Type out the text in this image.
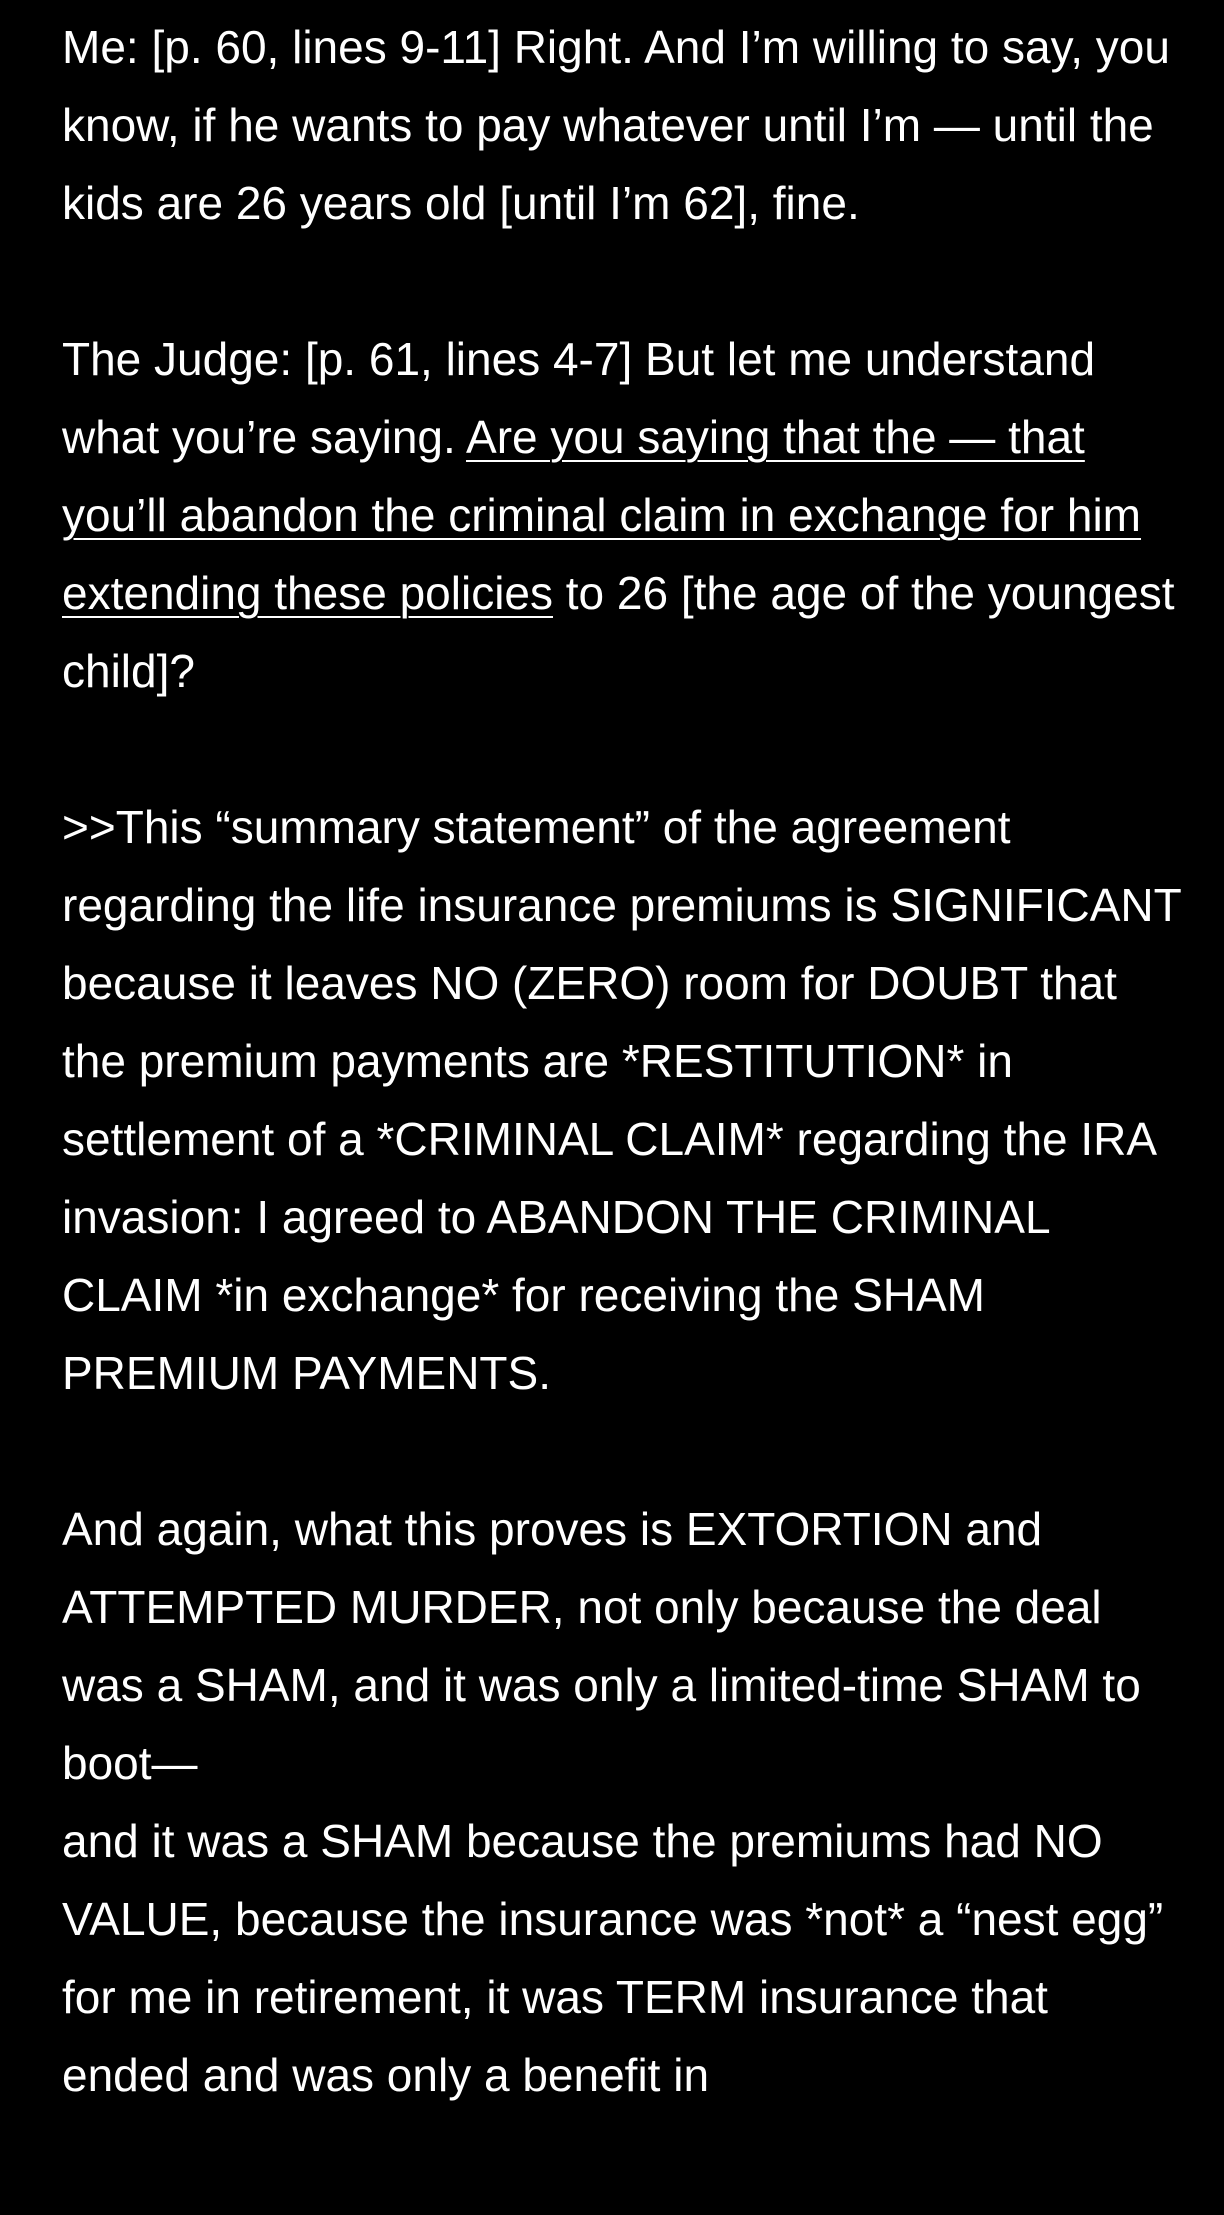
Me: [p. 60, lines 9-11] Right. And I’m willing to say, you know, if he wants to pay whatever until I’m — until the kids are 26 years old [until I’m 62], fine.

The Judge: [p. 61, lines 4-7] But let me understand what you’re saying. Are you saying that the — that you’ll abandon the criminal claim in exchange for him extending these policies to 26 [the age of the youngest child]?

>>This “summary statement” of the agreement regarding the life insurance premiums is SIGNIFICANT because it leaves NO (ZERO) room for DOUBT that the premium payments are *RESTITUTION* in settlement of a *CRIMINAL CLAIM* regarding the IRA invasion: I agreed to ABANDON THE CRIMINAL CLAIM *in exchange* for receiving the SHAM PREMIUM PAYMENTS.

And again, what this proves is EXTORTION and ATTEMPTED MURDER, not only because the deal was a SHAM, and it was only a limited-time SHAM to boot—

and it was a SHAM because the premiums had NO VALUE, because the insurance was *not* a “nest egg” for me in retirement, it was TERM insurance that ended and was only a benefit in
